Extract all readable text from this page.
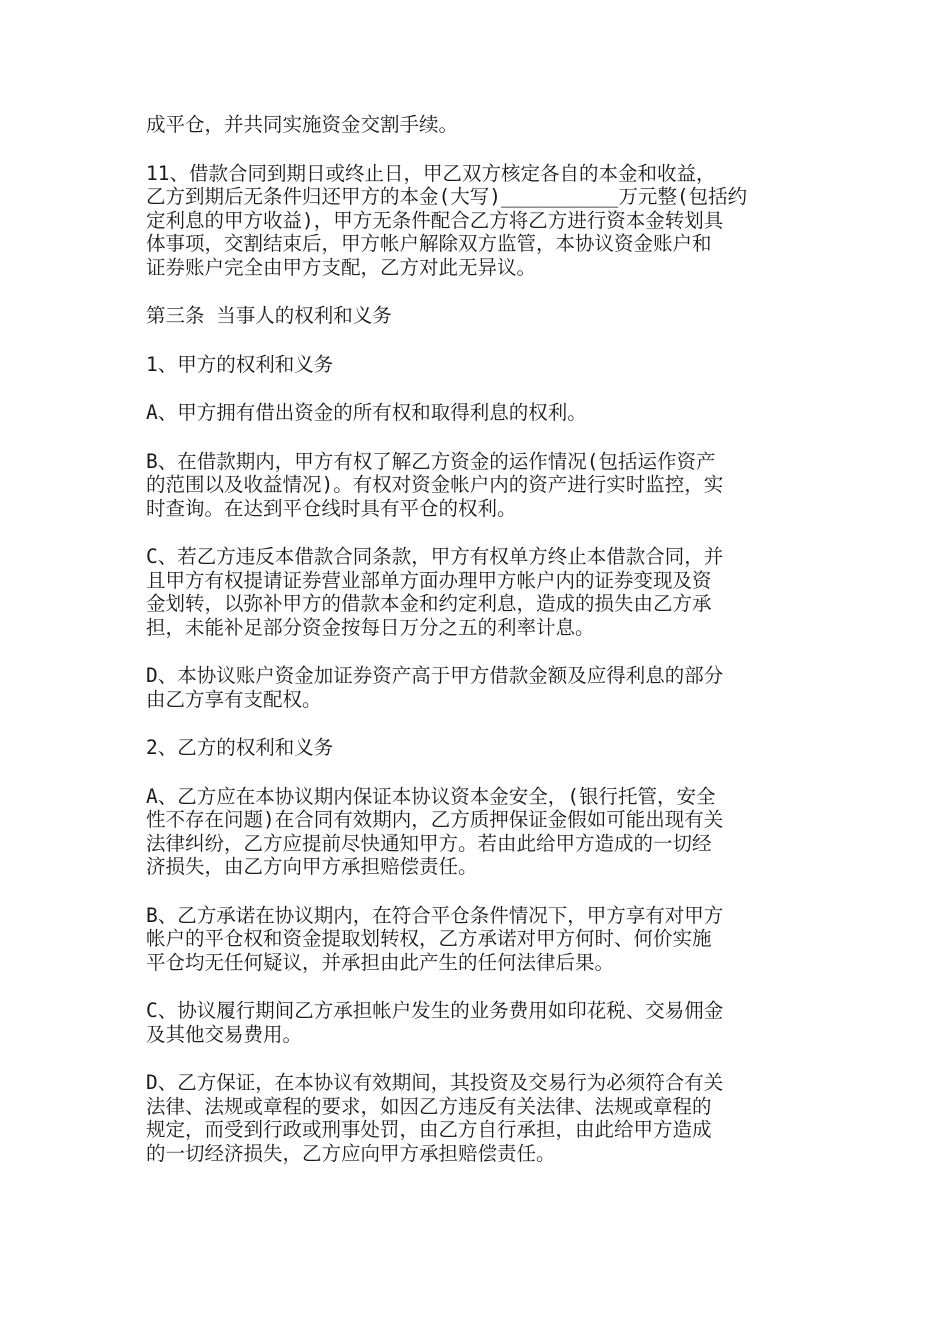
成平仓，并共同实施资金交割手续。

11、借款合同到期日或终止日，甲乙双方核定各自的本金和收益，
乙方到期后无条件归还甲方的本金(大写)__________万元整(包括约
定利息的甲方收益)，甲方无条件配合乙方将乙方进行资本金转划具
体事项，交割结束后，甲方帐户解除双方监管，本协议资金账户和
证券账户完全由甲方支配，乙方对此无异议。

第三条 当事人的权利和义务

1、甲方的权利和义务

A、甲方拥有借出资金的所有权和取得利息的权利。

B、在借款期内，甲方有权了解乙方资金的运作情况(包括运作资产
的范围以及收益情况)。有权对资金帐户内的资产进行实时监控，实
时查询。在达到平仓线时具有平仓的权利。

C、若乙方违反本借款合同条款，甲方有权单方终止本借款合同，并
且甲方有权提请证券营业部单方面办理甲方帐户内的证券变现及资
金划转，以弥补甲方的借款本金和约定利息，造成的损失由乙方承
担，未能补足部分资金按每日万分之五的利率计息。

D、本协议账户资金加证券资产高于甲方借款金额及应得利息的部分
由乙方享有支配权。

2、乙方的权利和义务

A、乙方应在本协议期内保证本协议资本金安全，(银行托管，安全
性不存在问题)在合同有效期内，乙方质押保证金假如可能出现有关
法律纠纷，乙方应提前尽快通知甲方。若由此给甲方造成的一切经
济损失，由乙方向甲方承担赔偿责任。

B、乙方承诺在协议期内，在符合平仓条件情况下，甲方享有对甲方
帐户的平仓权和资金提取划转权，乙方承诺对甲方何时、何价实施
平仓均无任何疑议，并承担由此产生的任何法律后果。

C、协议履行期间乙方承担帐户发生的业务费用如印花税、交易佣金
及其他交易费用。

D、乙方保证，在本协议有效期间，其投资及交易行为必须符合有关
法律、法规或章程的要求，如因乙方违反有关法律、法规或章程的
规定，而受到行政或刑事处罚，由乙方自行承担，由此给甲方造成
的一切经济损失，乙方应向甲方承担赔偿责任。
